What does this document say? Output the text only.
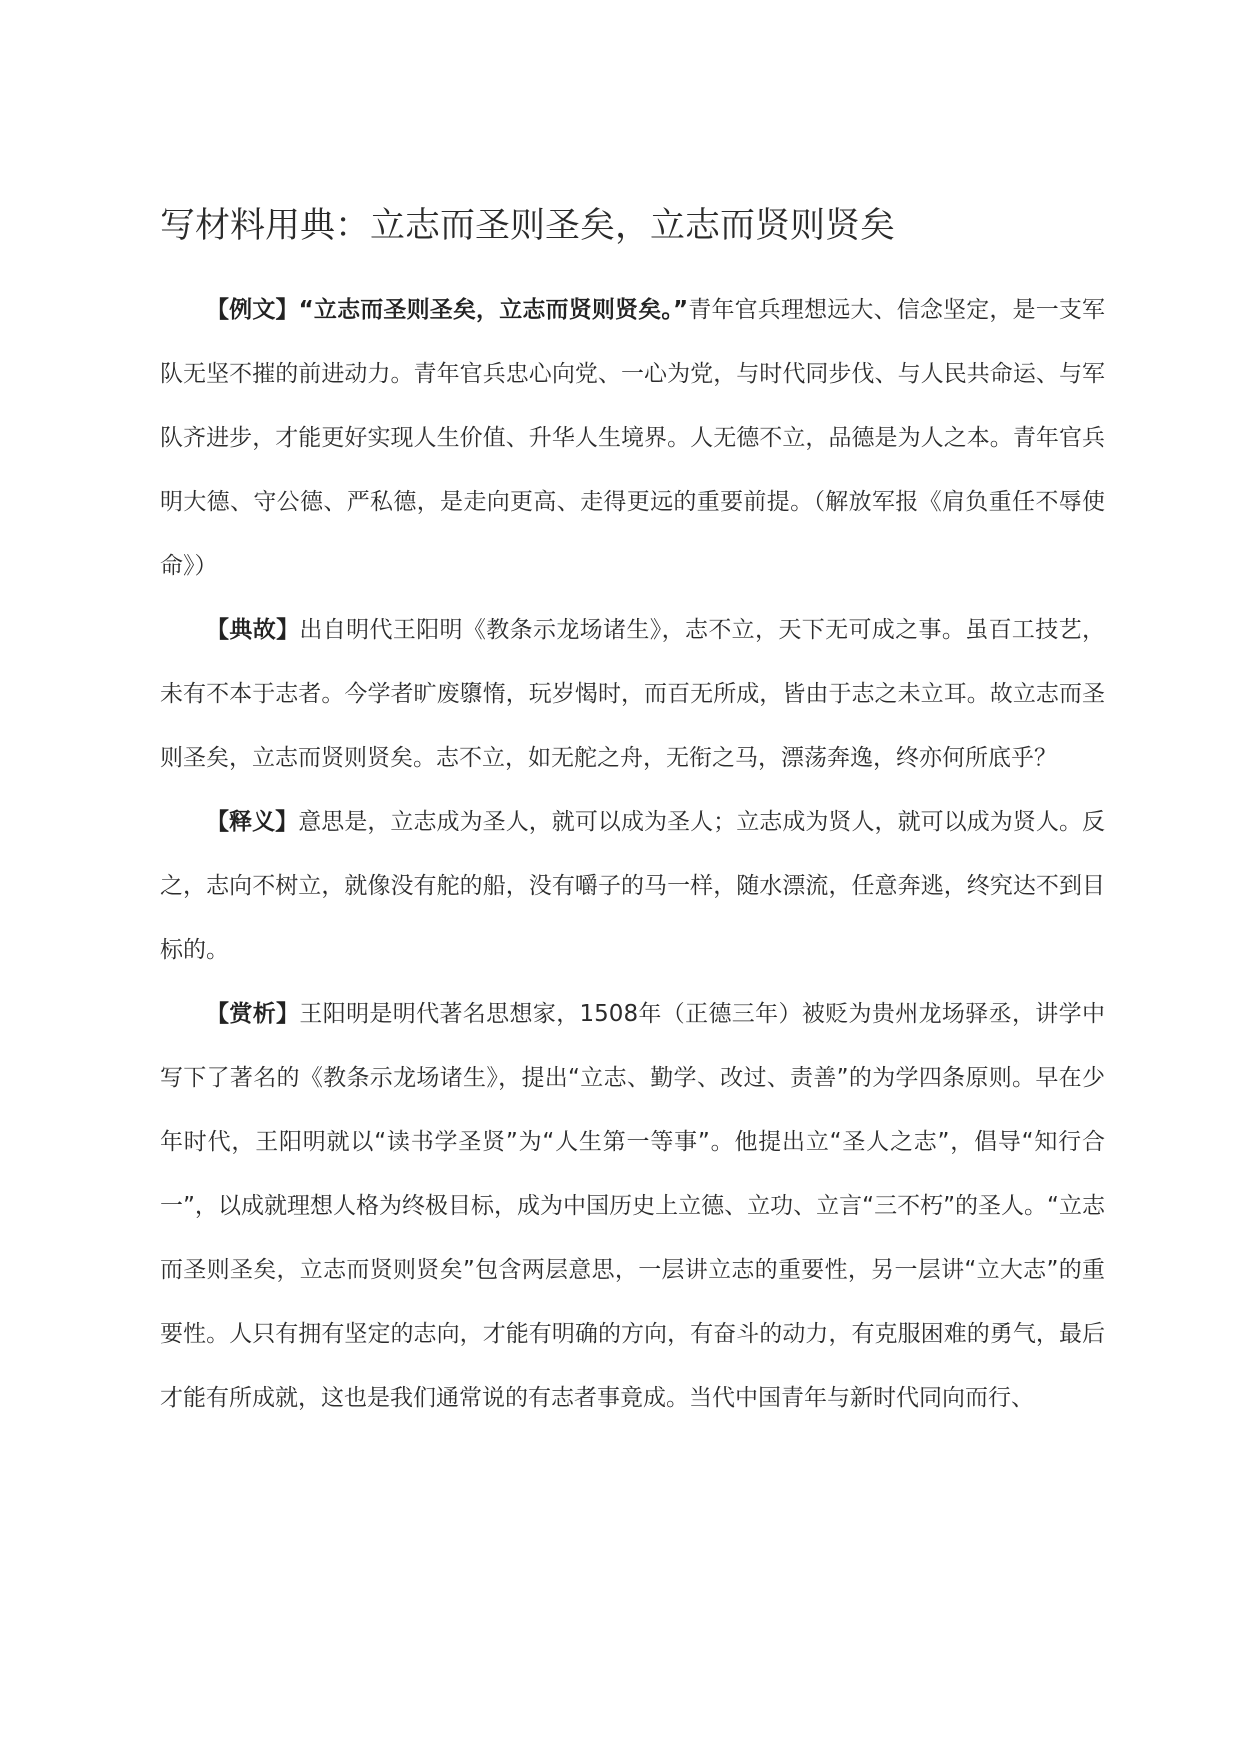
写材料用典：立志而圣则圣矣，立志而贤则贤矣

【例文】“立志而圣则圣矣，立志而贤则贤矣。”青年官兵理想远大、信念坚定，是一支军队无坚不摧的前进动力。青年官兵忠心向党、一心为党，与时代同步伐、与人民共命运、与军队齐进步，才能更好实现人生价值、升华人生境界。人无德不立，品德是为人之本。青年官兵明大德、守公德、严私德，是走向更高、走得更远的重要前提。（解放军报《肩负重任不辱使命》）

【典故】出自明代王阳明《教条示龙场诸生》，志不立，天下无可成之事。虽百工技艺，未有不本于志者。今学者旷废隳惰，玩岁愒时，而百无所成，皆由于志之未立耳。故立志而圣则圣矣，立志而贤则贤矣。志不立，如无舵之舟，无衔之马，漂荡奔逸，终亦何所底乎？

【释义】意思是，立志成为圣人，就可以成为圣人；立志成为贤人，就可以成为贤人。反之，志向不树立，就像没有舵的船，没有嚼子的马一样，随水漂流，任意奔逃，终究达不到目标的。

【赏析】王阳明是明代著名思想家，1508年（正德三年）被贬为贵州龙场驿丞，讲学中写下了著名的《教条示龙场诸生》，提出“立志、勤学、改过、责善”的为学四条原则。早在少年时代，王阳明就以“读书学圣贤”为“人生第一等事”。他提出立“圣人之志”，倡导“知行合一”，以成就理想人格为终极目标，成为中国历史上立德、立功、立言“三不朽”的圣人。“立志而圣则圣矣，立志而贤则贤矣”包含两层意思，一层讲立志的重要性，另一层讲“立大志”的重要性。人只有拥有坚定的志向，才能有明确的方向，有奋斗的动力，有克服困难的勇气，最后才能有所成就，这也是我们通常说的有志者事竟成。当代中国青年与新时代同向而行、
